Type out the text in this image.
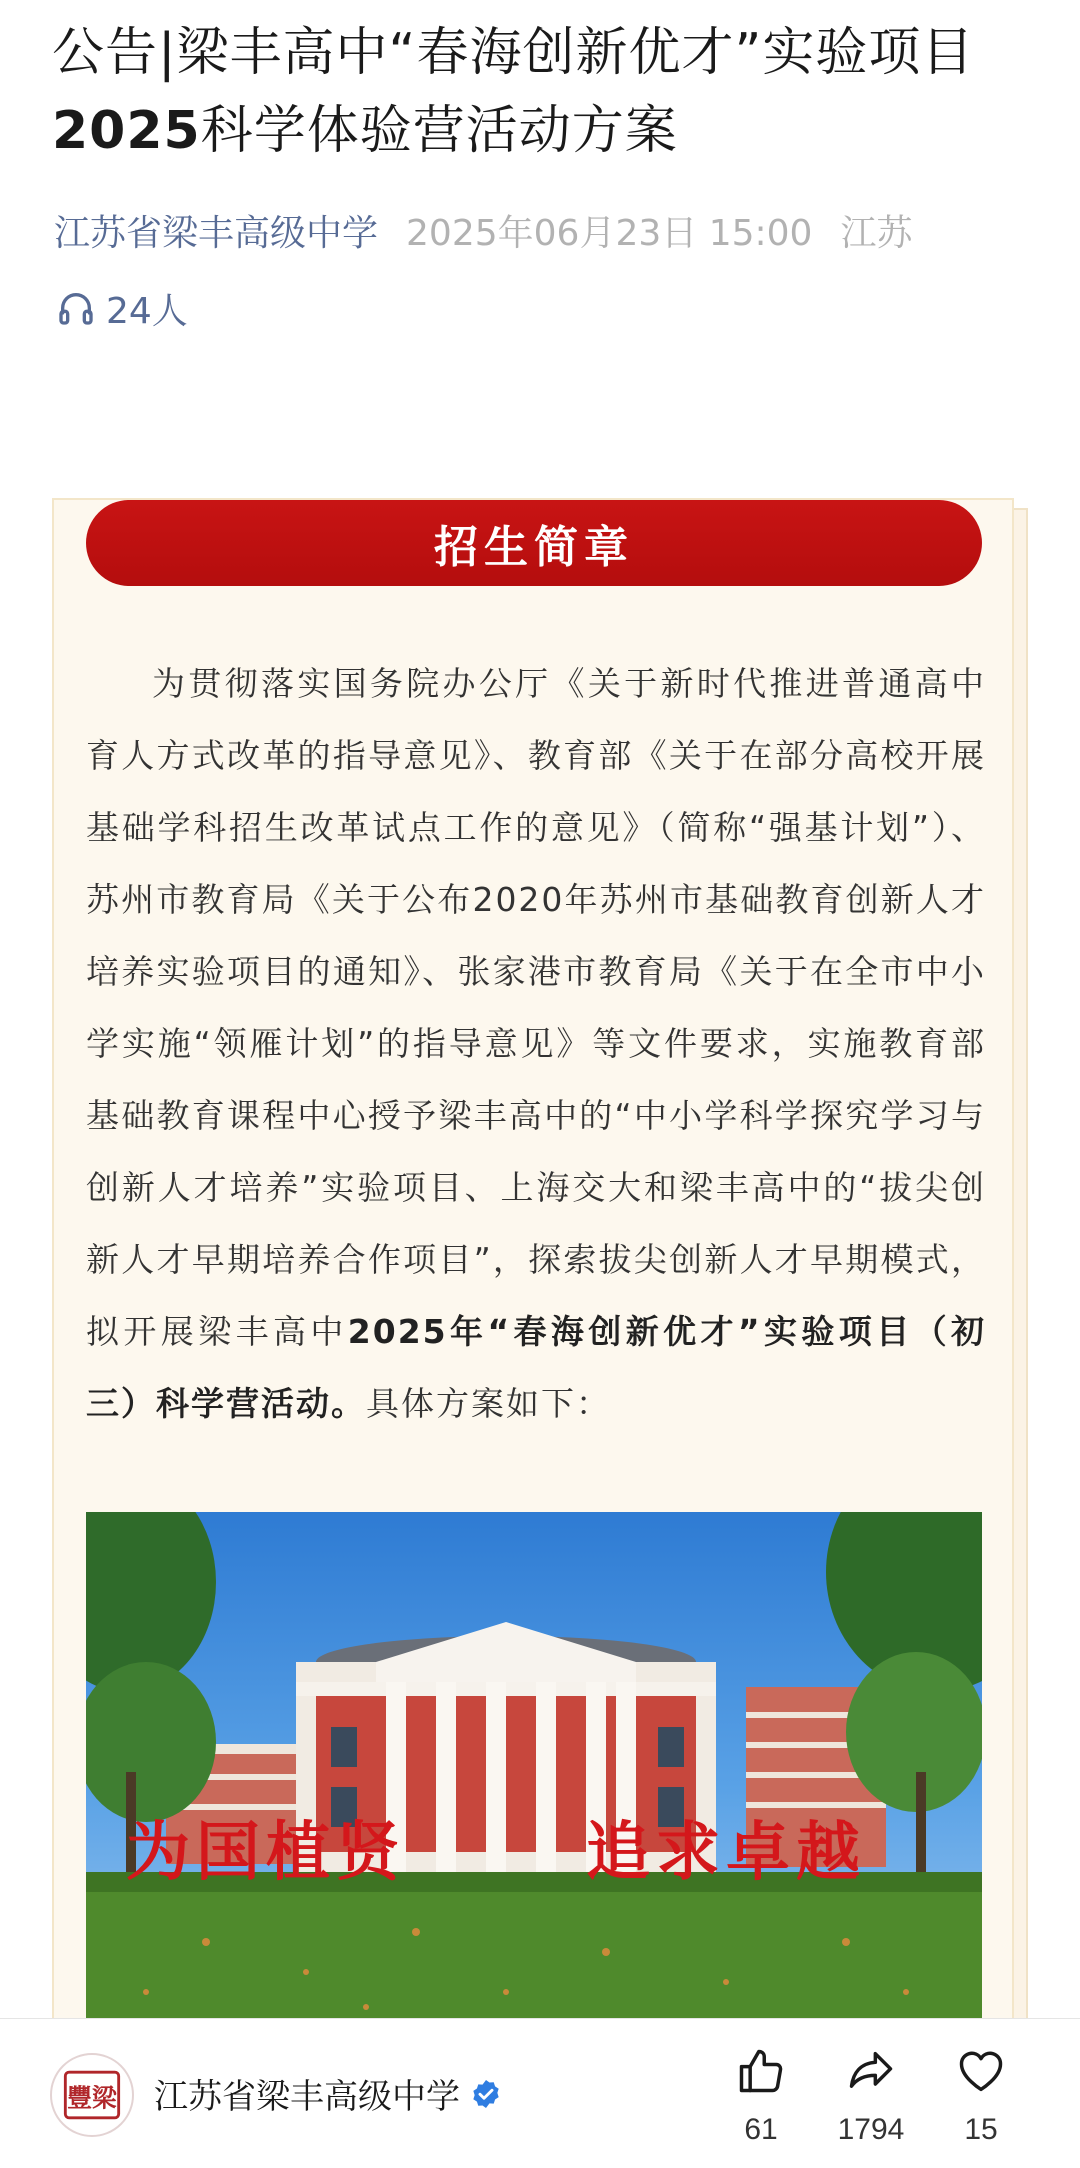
公告|梁丰高中“春海创新优才”实验项目
2025科学体验营活动方案
江苏省梁丰高级中学 2025年06月23日 15:00 江苏
24人
招生简章

为贯彻落实国务院办公厅《关于新时代推进普通高中育人方式改革的指导意见》、教育部《关于在部分高校开展基础学科招生改革试点工作的意见》（简称“强基计划”）、苏州市教育局《关于公布2020年苏州市基础教育创新人才培养实验项目的通知》、张家港市教育局《关于在全市中小学实施“领雁计划”的指导意见》等文件要求，实施教育部基础教育课程中心授予梁丰高中的“中小学科学探究学习与创新人才培养”实验项目、上海交大和梁丰高中的“拔尖创新人才早期培养合作项目”，探索拔尖创新人才早期模式，拟开展梁丰高中2025年“春海创新优才”实验项目（初三）科学营活动。具体方案如下：

为国植贤	追求卓越
豐梁 江苏省梁丰高级中学
61 1794 15
